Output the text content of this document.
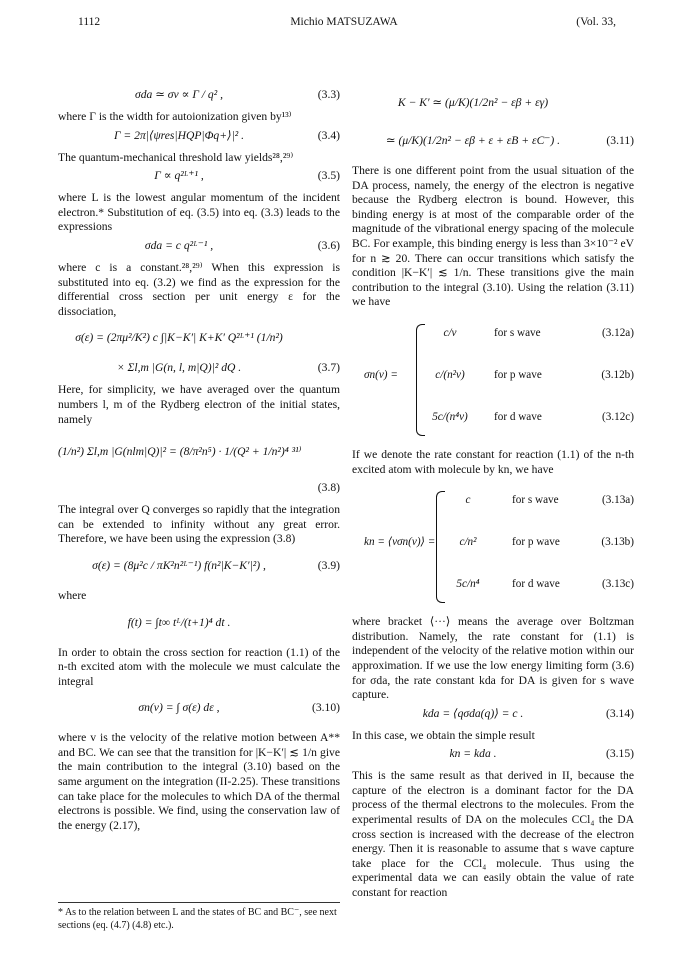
1112	Michio MATSUZAWA	(Vol. 33,
σda ≃ σv ∝ Γ / q² ,	(3.3)

where Γ is the width for autoionization given by¹³⁾

Γ = 2π|⟨ψres|HQP|Φq+⟩|² .	(3.4)

The quantum-mechanical threshold law yields²⁸,²⁹⁾

Γ ∝ q²ᴸ⁺¹ ,	(3.5)

where L is the lowest angular momentum of the incident electron.* Substitution of eq. (3.5) into eq. (3.3) leads to the expressions

σda = c q²ᴸ⁻¹ ,	(3.6)

where c is a constant.²⁸,²⁹⁾ When this expression is substituted into eq. (3.2) we find as the expression for the differential cross section per unit energy ε for the dissociation,

σ(ε) = (2πμ²/K²) c ∫|K−K′| K+K′ Q²ᴸ⁺¹ (1/n²)
× Σl,m |G(n, l, m|Q)|² dQ .	(3.7)

Here, for simplicity, we have averaged over the quantum numbers l, m of the Rydberg electron of the initial states, namely

(1/n²) Σl,m |G(nlm|Q)|² = (8/π²n⁵) · 1/(Q² + 1/n²)⁴ ³¹⁾
(3.8)

The integral over Q converges so rapidly that the integration can be extended to infinity without any great error. Therefore, we have been using the expression (3.8)

σ(ε) = (8μ²c / πK²n²ᴸ⁻¹) f(n²|K−K′|²) ,	(3.9)

where

f(t) = ∫t∞ tᴸ/(t+1)⁴ dt .

In order to obtain the cross section for reaction (1.1) of the n-th excited atom with the molecule we must calculate the integral

σn(v) = ∫ σ(ε) dε ,	(3.10)

where v is the velocity of the relative motion between A** and BC. We can see that the transition for |K−K′| ≲ 1/n give the main contribution to the integral (3.10) based on the same argument on the integration (II-2.25). These transitions can take place for the molecules to which DA of the thermal electrons is possible. We find, using the conservation law of the energy (2.17),

* As to the relation between L and the states of BC and BC⁻, see next sections (eq. (4.7) (4.8) etc.).

K − K′ ≃ (μ/K)(1/2n² − εβ + εγ)
≃ (μ/K)(1/2n² − εβ + ε + εB + εC⁻) .	(3.11)

There is one different point from the usual situation of the DA process, namely, the energy of the electron is negative because the Rydberg electron is bound. However, this binding energy is at most of the comparable order of the magnitude of the vibrational energy spacing of the molecule BC. For example, this binding energy is less than 3×10⁻² eV for n ≳ 20. There can occur transitions which satisfy the condition |K−K′| ≲ 1/n. These transitions give the main contribution to the integral (3.10). Using the relation (3.11) we have

σn(v) =
c/v	for s wave	(3.12a)
c/(n²v)	for p wave	(3.12b)
5c/(n⁴v) for d wave	(3.12c)

If we denote the rate constant for reaction (1.1) of the n-th excited atom with molecule by kn, we have

kn = ⟨vσn(v)⟩ =
c	for s wave	(3.13a)
c/n²	for p wave	(3.13b)
5c/n⁴	for d wave	(3.13c)

where bracket ⟨···⟩ means the average over Boltzman distribution. Namely, the rate constant for (1.1) is independent of the velocity of the relative motion within our approximation. If we use the low energy limiting form (3.6) for σda, the rate constant kda for DA is given for s wave capture.

kda = ⟨qσda(q)⟩ = c .	(3.14)

In this case, we obtain the simple result

kn = kda .	(3.15)

This is the same result as that derived in II, because the capture of the electron is a dominant factor for the DA process of the thermal electrons to the molecules. From the experimental results of DA on the molecules CCl₄ the DA cross section is increased with the decrease of the electron energy. Then it is reasonable to assume that s wave capture take place for the CCl₄ molecule. Thus using the experimental data we can easily obtain the value of rate constant for reaction
